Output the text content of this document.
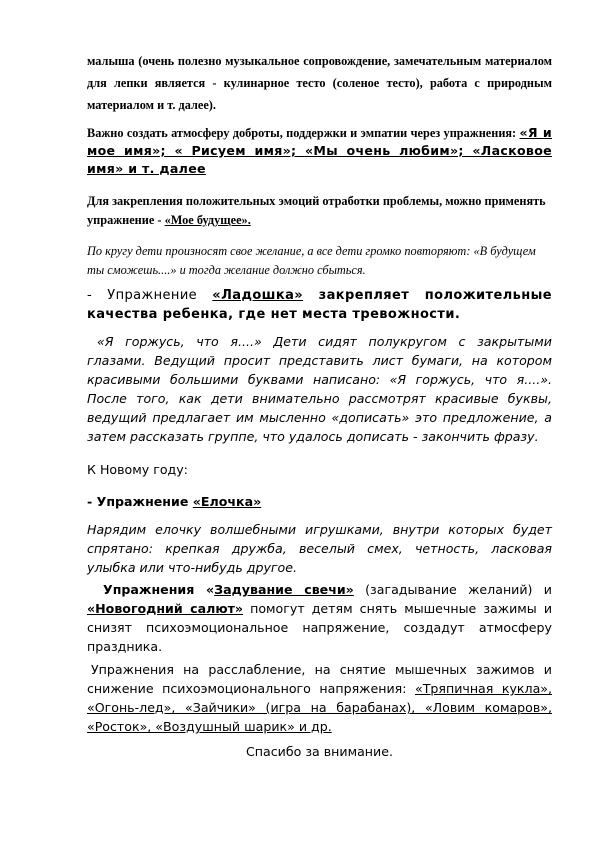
малыша (очень полезно музыкальное сопровождение, замечательным материалом для лепки является - кулинарное тесто (соленое тесто), работа с природным материалом и т. далее).

Важно создать атмосферу доброты, поддержки и эмпатии через упражнения: «Я и мое имя»; « Рисуем имя»; «Мы очень любим»; «Ласковое имя» и т. далее

Для закрепления положительных эмоций отработки проблемы, можно применять упражнение - «Мое будущее».

По кругу дети произносят свое желание, а все дети громко повторяют: «В будущем ты сможешь....» и тогда желание должно сбыться.

- Упражнение «Ладошка» закрепляет положительные качества ребенка, где нет места тревожности.

«Я горжусь, что я....» Дети сидят полукругом с закрытыми глазами. Ведущий просит представить лист бумаги, на котором красивыми большими буквами написано: «Я горжусь, что я....». После того, как дети внимательно рассмотрят красивые буквы, ведущий предлагает им мысленно «дописать» это предложение, а затем рассказать группе, что удалось дописать - закончить фразу.

К Новому году:

- Упражнение «Елочка»

Нарядим елочку волшебными игрушками, внутри которых будет спрятано: крепкая дружба, веселый смех, четность, ласковая улыбка или что-нибудь другое.

Упражнения «Задувание свечи» (загадывание желаний) и «Новогодний салют» помогут детям снять мышечные зажимы и снизят психоэмоциональное напряжение, создадут атмосферу праздника.

Упражнения на расслабление, на снятие мышечных зажимов и снижение психоэмоционального напряжения: «Тряпичная кукла», «Огонь-лед», «Зайчики» (игра на барабанах), «Ловим комаров», «Росток», «Воздушный шарик» и др.

Спасибо за внимание.
